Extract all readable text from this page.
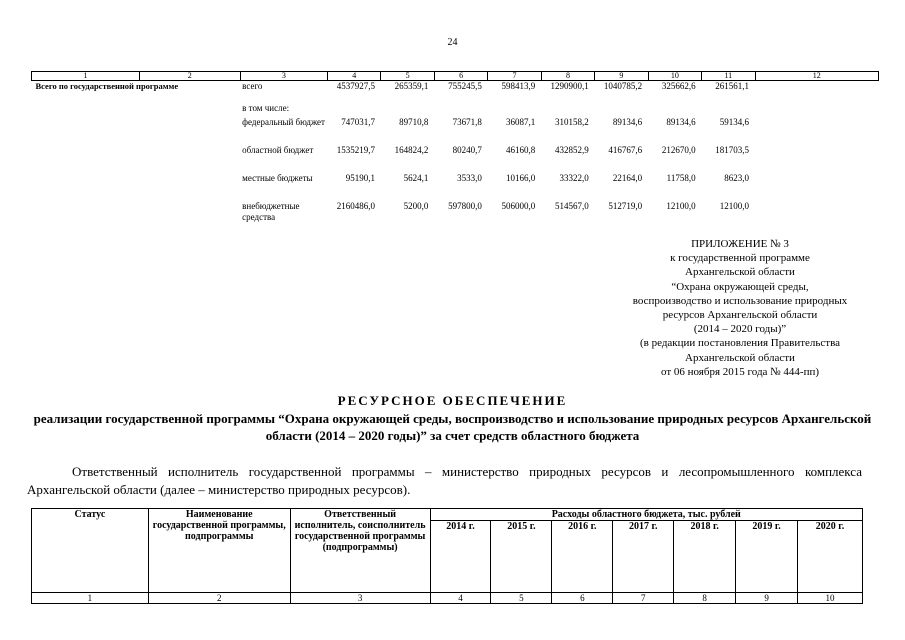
24
1	2	3	4	5	6	7	8	9	10	11	12
Всего по государственной программе		всего	4537927,5	265359,1	755245,5	598413,9	1290900,1	1040785,2	325662,6	261561,1	
		в том числе:									
		федеральный бюджет	747031,7	89710,8	73671,8	36087,1	310158,2	89134,6	89134,6	59134,6	
		областной бюджет	1535219,7	164824,2	80240,7	46160,8	432852,9	416767,6	212670,0	181703,5	
		местные бюджеты	95190,1	5624,1	3533,0	10166,0	33322,0	22164,0	11758,0	8623,0	
		внебюджетные средства	2160486,0	5200,0	597800,0	506000,0	514567,0	512719,0	12100,0	12100,0	
ПРИЛОЖЕНИЕ № 3
к государственной программе
Архангельской области
“Охрана окружающей среды,
воспроизводство и использование природных
ресурсов Архангельской области
(2014 – 2020 годы)”
(в редакции постановления Правительства
Архангельской области
от 06 ноября 2015 года № 444-пп)
РЕСУРСНОЕ ОБЕСПЕЧЕНИЕ
реализации государственной программы “Охрана окружающей среды, воспроизводство и использование природных ресурсов Архангельской области (2014 – 2020 годы)” за счет средств областного бюджета
Ответственный исполнитель государственной программы – министерство природных ресурсов и лесопромышленного комплекса Архангельской области (далее – министерство природных ресурсов).
Статус	Наименование государственной программы, подпрограммы	Ответственный исполнитель, соисполнитель государственной программы (подпрограммы)	Расходы областного бюджета, тыс. рублей						
			2014 г.	2015 г.	2016 г.	2017 г.	2018 г.	2019 г.	2020 г.
1	2	3	4	5	6	7	8	9	10
